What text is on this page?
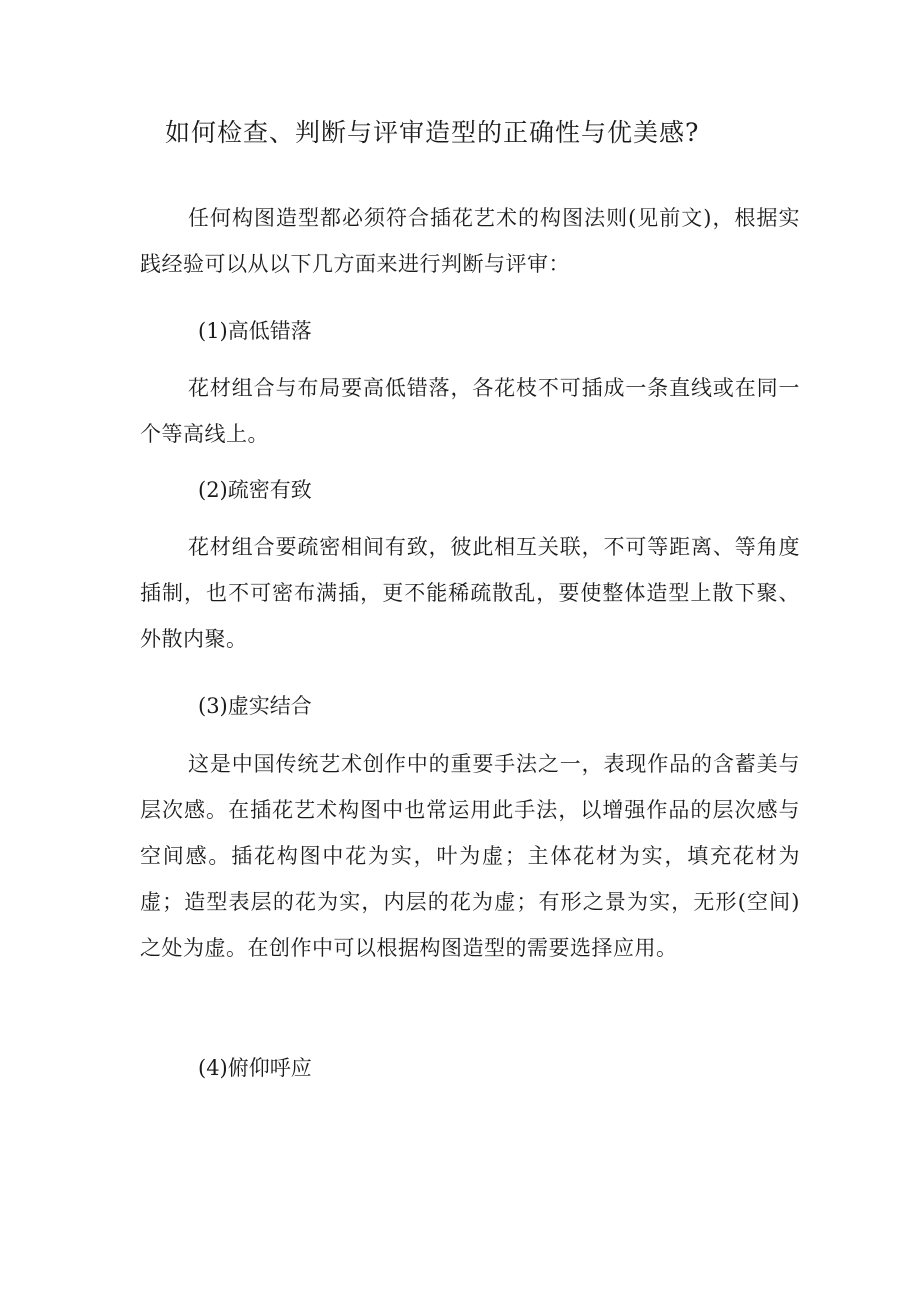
如何检查、判断与评审造型的正确性与优美感?

任何构图造型都必须符合插花艺术的构图法则(见前文)，根据实践经验可以从以下几方面来进行判断与评审：

(1)高低错落

花材组合与布局要高低错落，各花枝不可插成一条直线或在同一个等高线上。

(2)疏密有致

花材组合要疏密相间有致，彼此相互关联，不可等距离、等角度插制，也不可密布满插，更不能稀疏散乱，要使整体造型上散下聚、外散内聚。

(3)虚实结合

这是中国传统艺术创作中的重要手法之一，表现作品的含蓄美与层次感。在插花艺术构图中也常运用此手法，以增强作品的层次感与空间感。插花构图中花为实，叶为虚；主体花材为实，填充花材为虚；造型表层的花为实，内层的花为虚；有形之景为实，无形(空间)之处为虚。在创作中可以根据构图造型的需要选择应用。

(4)俯仰呼应
